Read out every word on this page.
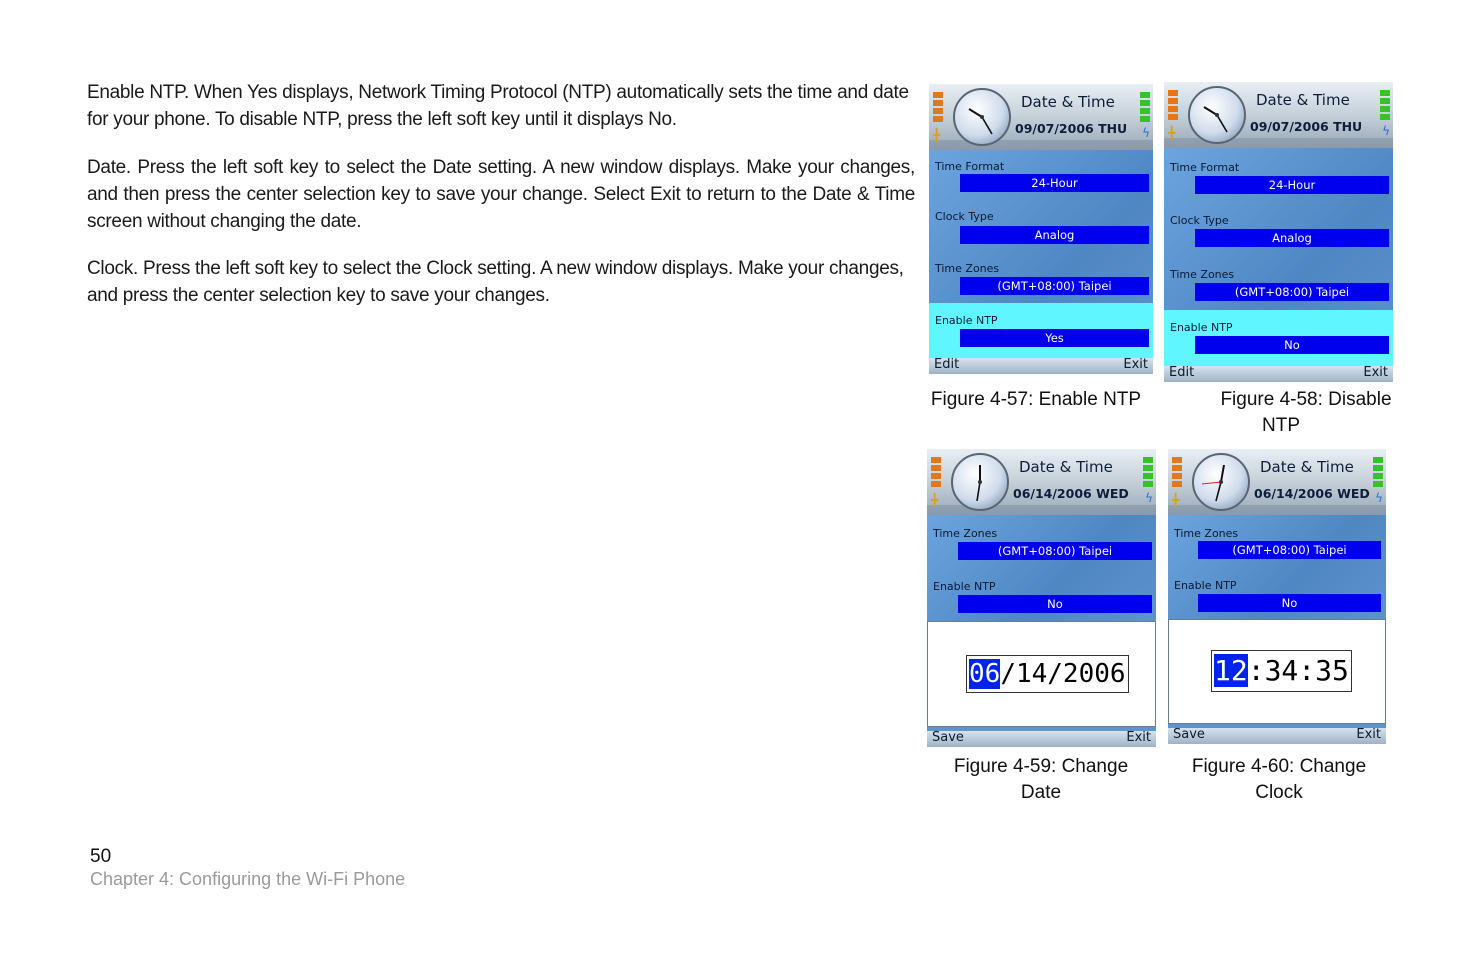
Enable NTP. When Yes displays, Network Timing Protocol (NTP) automatically sets the time and date for your phone. To disable NTP, press the left soft key until it displays No.

Date. Press the left soft key to select the Date setting. A new window displays. Make your changes, and then press the center selection key to save your change. Select Exit to return to the Date & Time screen without changing the date.

Clock. Press the left soft key to select the Clock setting. A new window displays. Make your changes, and press the center selection key to save your changes.

╋
Date & Time
09/07/2006 THU ϟ
Time Format
24-Hour
Clock Type
Analog
Time Zones
(GMT+08:00) Taipei
Enable NTP
Yes
Edit	Exit
Figure 4-57: Enable NTP
╋
Date & Time
09/07/2006 THU ϟ
Time Format
24-Hour
Clock Type
Analog
Time Zones
(GMT+08:00) Taipei
Enable NTP
No
Edit	Exit
Figure 4-58: Disable
NTP
╋
Date & Time
06/14/2006 WED ϟ
Time Zones
(GMT+08:00) Taipei
Enable NTP
No
06/14/2006
Save	Exit
Figure 4-59: Change
Date
╋
Date & Time
06/14/2006 WED ϟ
Time Zones
(GMT+08:00) Taipei
Enable NTP
No
12:34:35
Save	Exit
Figure 4-60: Change
Clock
50
Chapter 4: Configuring the Wi-Fi Phone
